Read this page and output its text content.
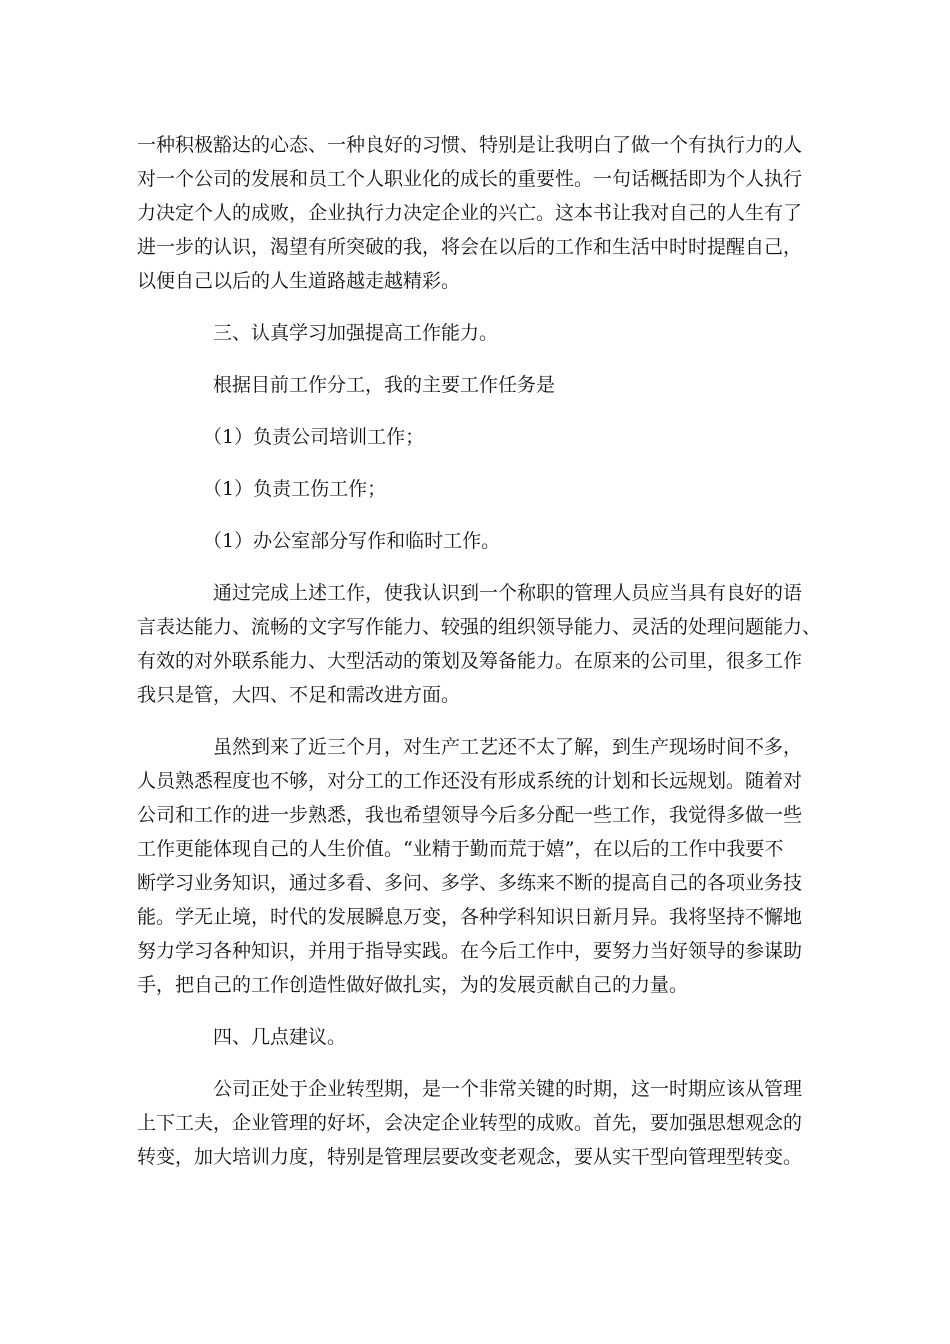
一种积极豁达的心态、一种良好的习惯、特别是让我明白了做一个有执行力的人
对一个公司的发展和员工个人职业化的成长的重要性。一句话概括即为个人执行
力决定个人的成败，企业执行力决定企业的兴亡。这本书让我对自己的人生有了
进一步的认识，渴望有所突破的我，将会在以后的工作和生活中时时提醒自己，
以便自己以后的人生道路越走越精彩。
三、认真学习加强提高工作能力。
根据目前工作分工，我的主要工作任务是
（1）负责公司培训工作；
（1）负责工伤工作；
（1）办公室部分写作和临时工作。
通过完成上述工作，使我认识到一个称职的管理人员应当具有良好的语
言表达能力、流畅的文字写作能力、较强的组织领导能力、灵活的处理问题能力、
有效的对外联系能力、大型活动的策划及筹备能力。在原来的公司里，很多工作
我只是管，大四、不足和需改进方面。
虽然到来了近三个月，对生产工艺还不太了解，到生产现场时间不多，
人员熟悉程度也不够，对分工的工作还没有形成系统的计划和长远规划。随着对
公司和工作的进一步熟悉，我也希望领导今后多分配一些工作，我觉得多做一些
工作更能体现自己的人生价值。“业精于勤而荒于嬉”，在以后的工作中我要不
断学习业务知识，通过多看、多问、多学、多练来不断的提高自己的各项业务技
能。学无止境，时代的发展瞬息万变，各种学科知识日新月异。我将坚持不懈地
努力学习各种知识，并用于指导实践。在今后工作中，要努力当好领导的参谋助
手，把自己的工作创造性做好做扎实，为的发展贡献自己的力量。
四、几点建议。
公司正处于企业转型期，是一个非常关键的时期，这一时期应该从管理
上下工夫，企业管理的好坏，会决定企业转型的成败。首先，要加强思想观念的
转变，加大培训力度，特别是管理层要改变老观念，要从实干型向管理型转变。
